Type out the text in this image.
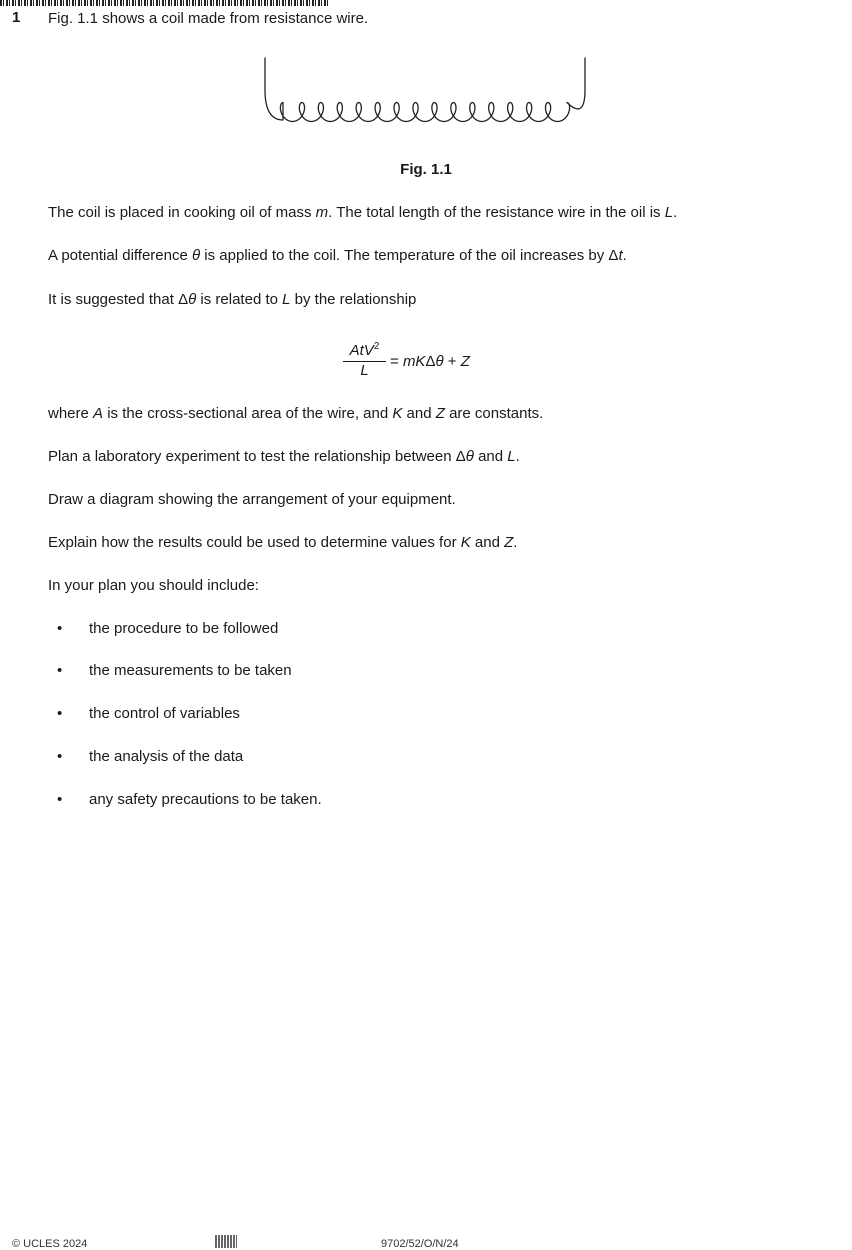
1 Fig. 1.1 shows a coil made from resistance wire.
Fig. 1.1
The coil is placed in cooking oil of mass m. The total length of the resistance wire in the oil is L.
A potential difference θ is applied to the coil. The temperature of the oil increases by Δt.
It is suggested that Δθ is related to L by the relationship
AtV$^2$
L
= mKΔθ + Z
where A is the cross-sectional area of the wire, and K and Z are constants.
Plan a laboratory experiment to test the relationship between Δθ and L.
Draw a diagram showing the arrangement of your equipment.
Explain how the results could be used to determine values for K and Z.
In your plan you should include:
• the procedure to be followed
• the measurements to be taken
• the control of variables
• the analysis of the data
• any safety precautions to be taken.
© UCLES 2024	9702/52/O/N/24
